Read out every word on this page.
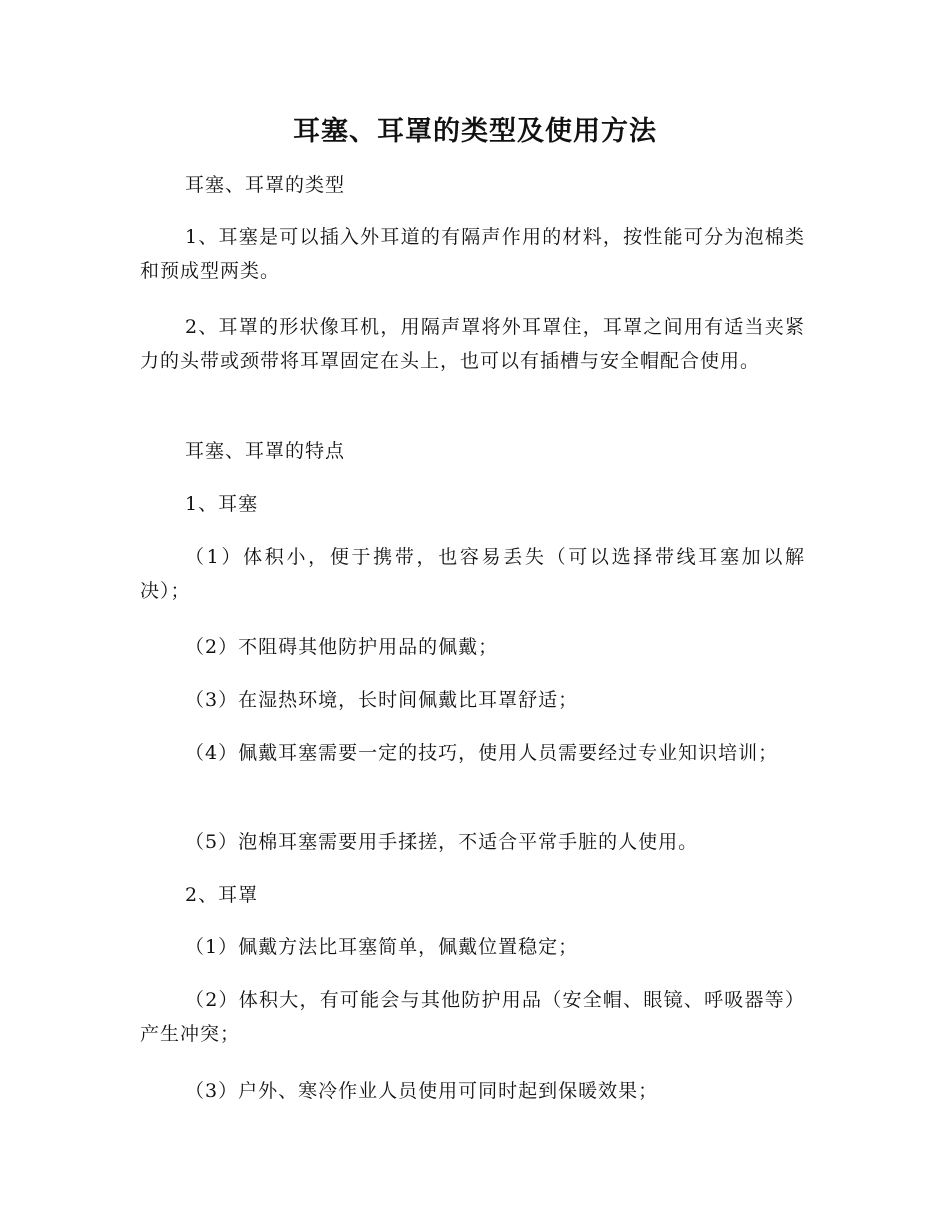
耳塞、耳罩的类型及使用方法

耳塞、耳罩的类型

1、耳塞是可以插入外耳道的有隔声作用的材料，按性能可分为泡棉类和预成型两类。

2、耳罩的形状像耳机，用隔声罩将外耳罩住，耳罩之间用有适当夹紧力的头带或颈带将耳罩固定在头上，也可以有插槽与安全帽配合使用。

耳塞、耳罩的特点

1、耳塞

（1）体积小，便于携带，也容易丢失（可以选择带线耳塞加以解决）；

（2）不阻碍其他防护用品的佩戴；

（3）在湿热环境，长时间佩戴比耳罩舒适；

（4）佩戴耳塞需要一定的技巧，使用人员需要经过专业知识培训；

（5）泡棉耳塞需要用手揉搓，不适合平常手脏的人使用。

2、耳罩

（1）佩戴方法比耳塞简单，佩戴位置稳定；

（2）体积大，有可能会与其他防护用品（安全帽、眼镜、呼吸器等）产生冲突；

（3）户外、寒冷作业人员使用可同时起到保暖效果；
